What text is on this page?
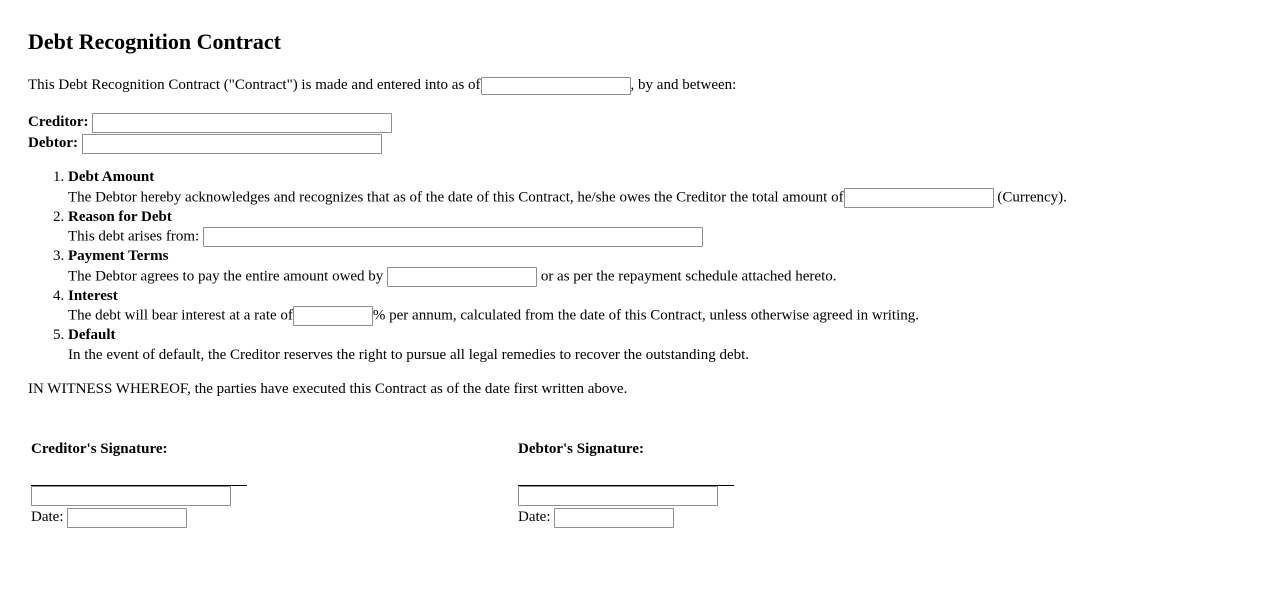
Debt Recognition Contract
This Debt Recognition Contract ("Contract") is made and entered into as of	, by and between:
Creditor:
Debtor:
1. Debt Amount
The Debtor hereby acknowledges and recognizes that as of the date of this Contract, he/she owes the Creditor the total amount of	(Currency).
2. Reason for Debt
This debt arises from:
3. Payment Terms
The Debtor agrees to pay the entire amount owed by	or as per the repayment schedule attached hereto.
4. Interest
The debt will bear interest at a rate of	% per annum, calculated from the date of this Contract, unless otherwise agreed in writing.
5. Default
In the event of default, the Creditor reserves the right to pursue all legal remedies to recover the outstanding debt.
IN WITNESS WHEREOF, the parties have executed this Contract as of the date first written above.
Creditor's Signature:
Date:
Debtor's Signature:
Date:
